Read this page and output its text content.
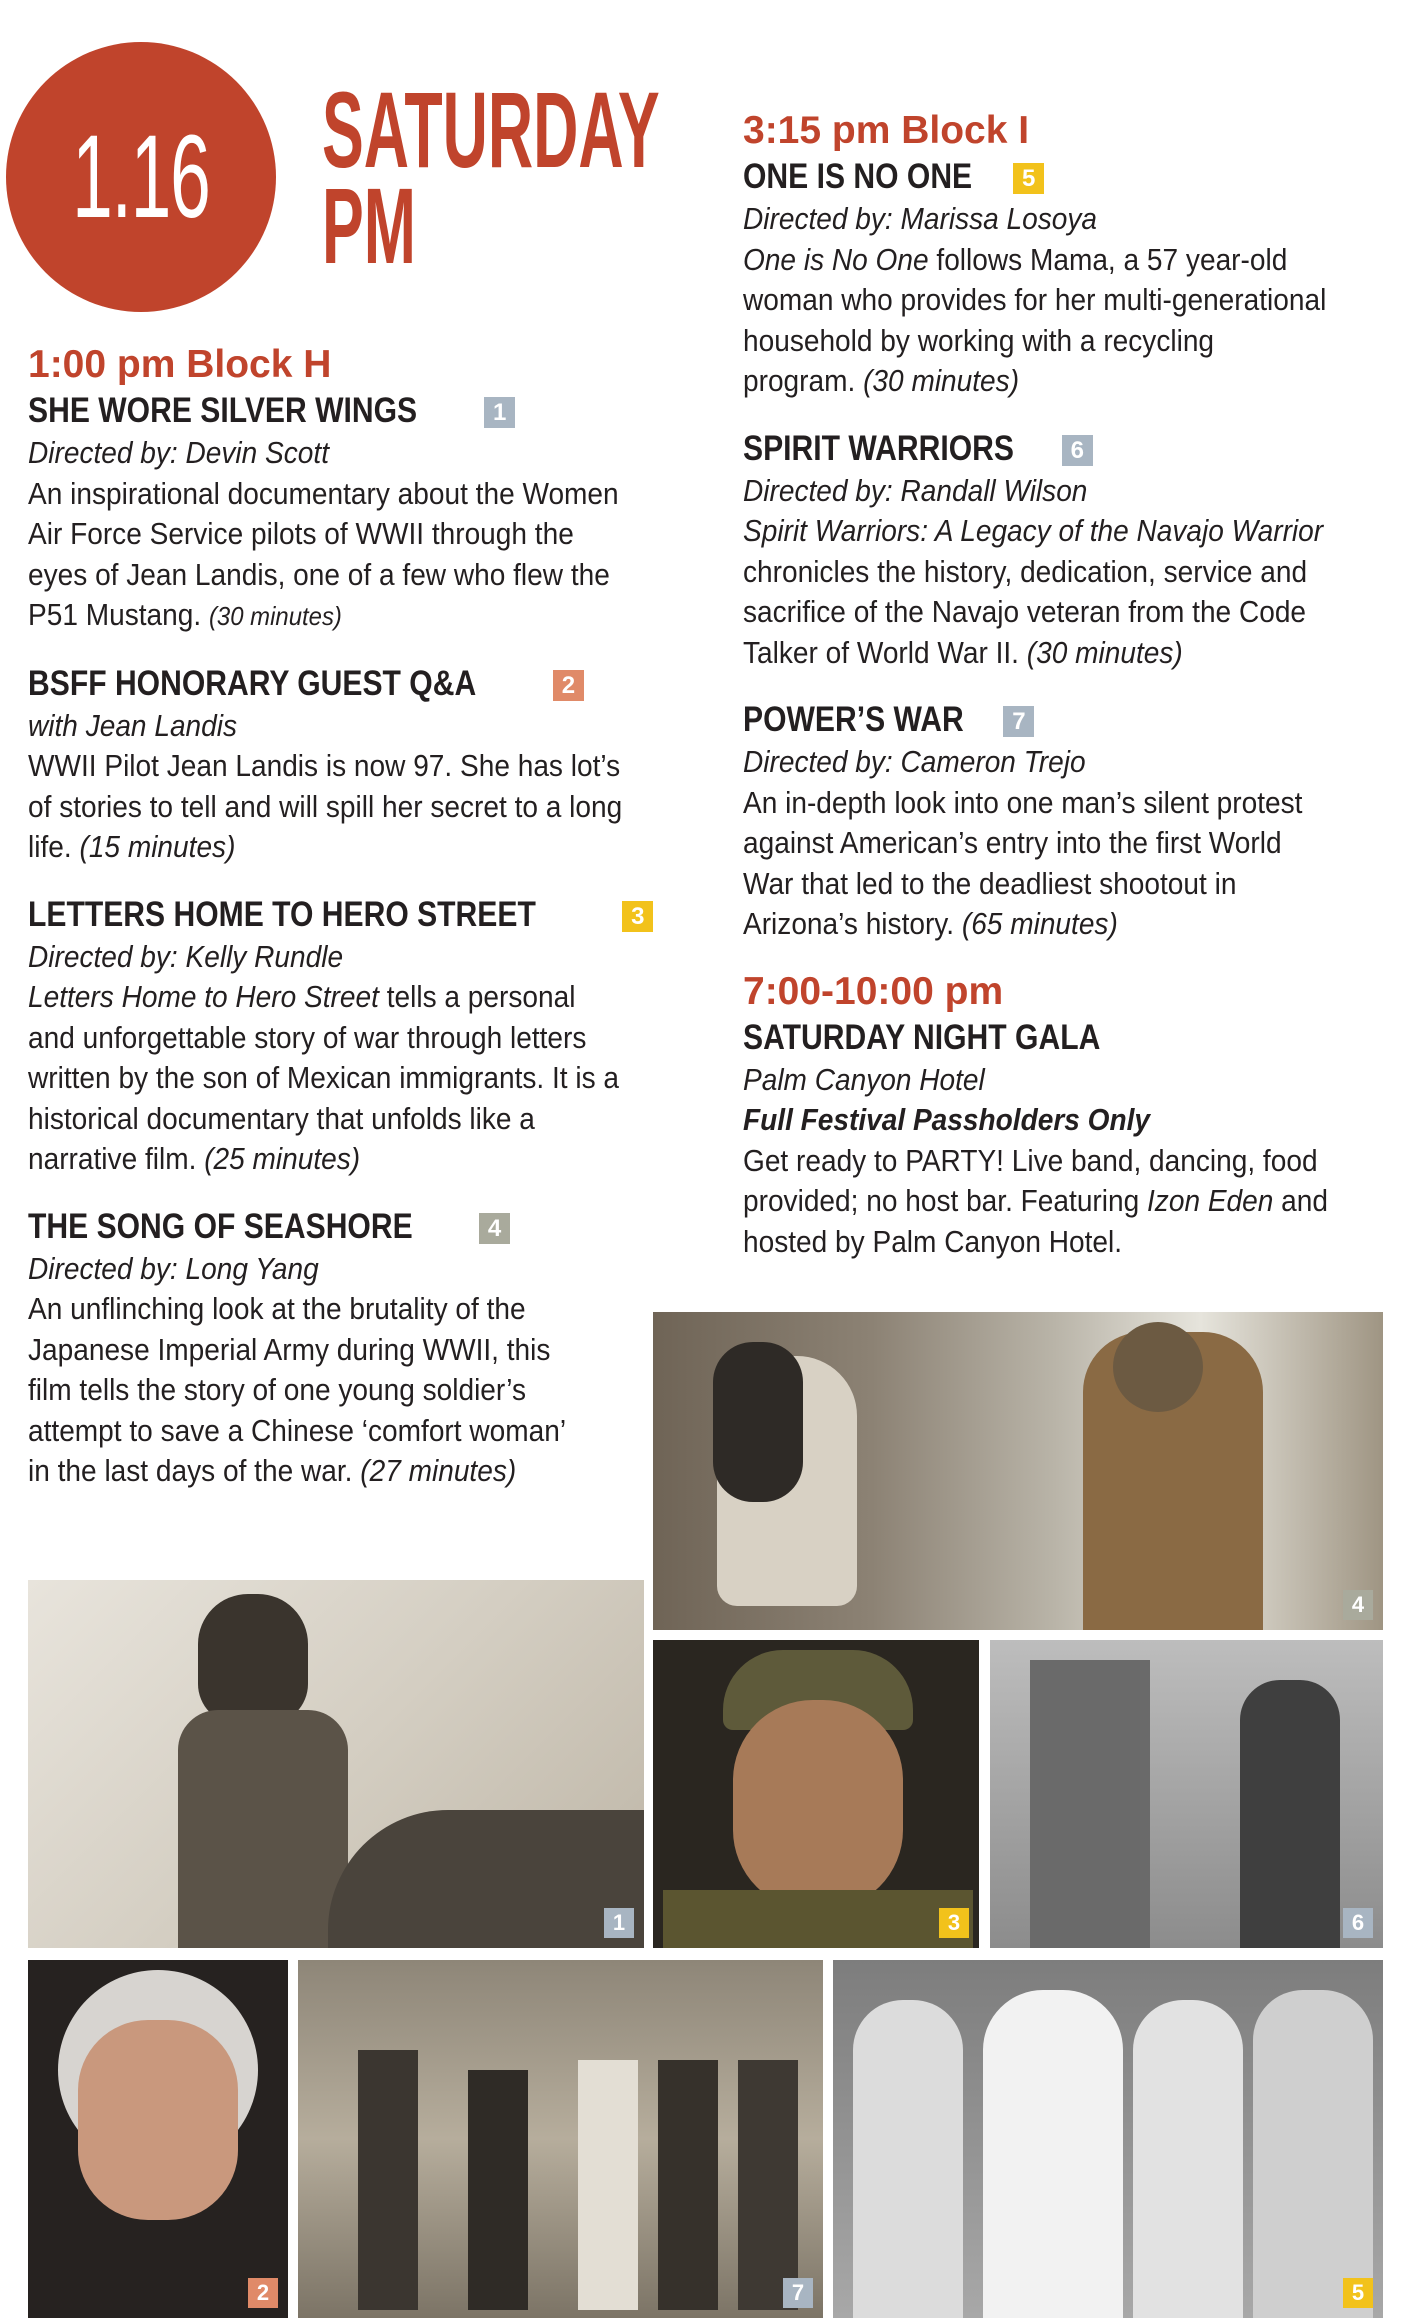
1.16 SATURDAY
PM
1:00 pm Block H
SHE WORE SILVER WINGS	1
Directed by: Devin Scott
An inspirational documentary about the Women
Air Force Service pilots of WWII through the
eyes of Jean Landis, one of a few who flew the
P51 Mustang. (30 minutes)
BSFF HONORARY GUEST Q&A	2
with Jean Landis
WWII Pilot Jean Landis is now 97. She has lot’s
of stories to tell and will spill her secret to a long
life. (15 minutes)
LETTERS HOME TO HERO STREET	3
Directed by: Kelly Rundle
Letters Home to Hero Street tells a personal
and unforgettable story of war through letters
written by the son of Mexican immigrants. It is a
historical documentary that unfolds like a
narrative film. (25 minutes)
THE SONG OF SEASHORE	4
Directed by: Long Yang
An unflinching look at the brutality of the
Japanese Imperial Army during WWII, this
film tells the story of one young soldier’s
attempt to save a Chinese ‘comfort woman’
in the last days of the war. (27 minutes)
3:15 pm Block I
ONE IS NO ONE 5
Directed by: Marissa Losoya
One is No One follows Mama, a 57 year-old
woman who provides for her multi-generational
household by working with a recycling
program. (30 minutes)
SPIRIT WARRIORS 6
Directed by: Randall Wilson
Spirit Warriors: A Legacy of the Navajo Warrior
chronicles the history, dedication, service and
sacrifice of the Navajo veteran from the Code
Talker of World War II. (30 minutes)
POWER’S WAR 7
Directed by: Cameron Trejo
An in-depth look into one man’s silent protest
against American’s entry into the first World
War that led to the deadliest shootout in
Arizona’s history. (65 minutes)
7:00-10:00 pm
SATURDAY NIGHT GALA
Palm Canyon Hotel
Full Festival Passholders Only
Get ready to PARTY! Live band, dancing, food
provided; no host bar. Featuring Izon Eden and
hosted by Palm Canyon Hotel.
4
1	3	6
2	7	5
